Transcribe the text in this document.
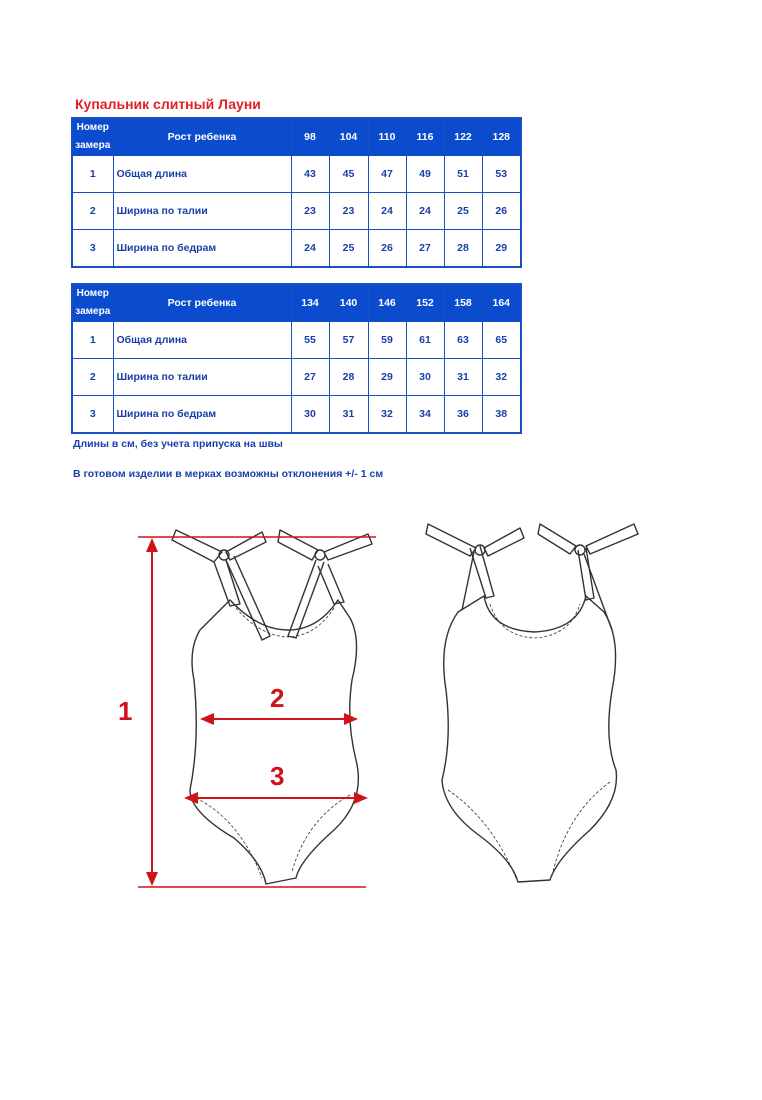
Купальник слитный Лауни
Номер замера	Рост ребенка	98	104	110	116	122	128
1	Общая длина	43	45	47	49	51	53
2	Ширина по талии	23	23	24	24	25	26
3	Ширина по бедрам	24	25	26	27	28	29
Номер замера	Рост ребенка	134	140	146	152	158	164
1	Общая длина	55	57	59	61	63	65
2	Ширина по талии	27	28	29	30	31	32
3	Ширина по бедрам	30	31	32	34	36	38
Длины в см, без учета припуска на швы
В готовом изделии в мерках возможны отклонения +/- 1 см
1	2
3
